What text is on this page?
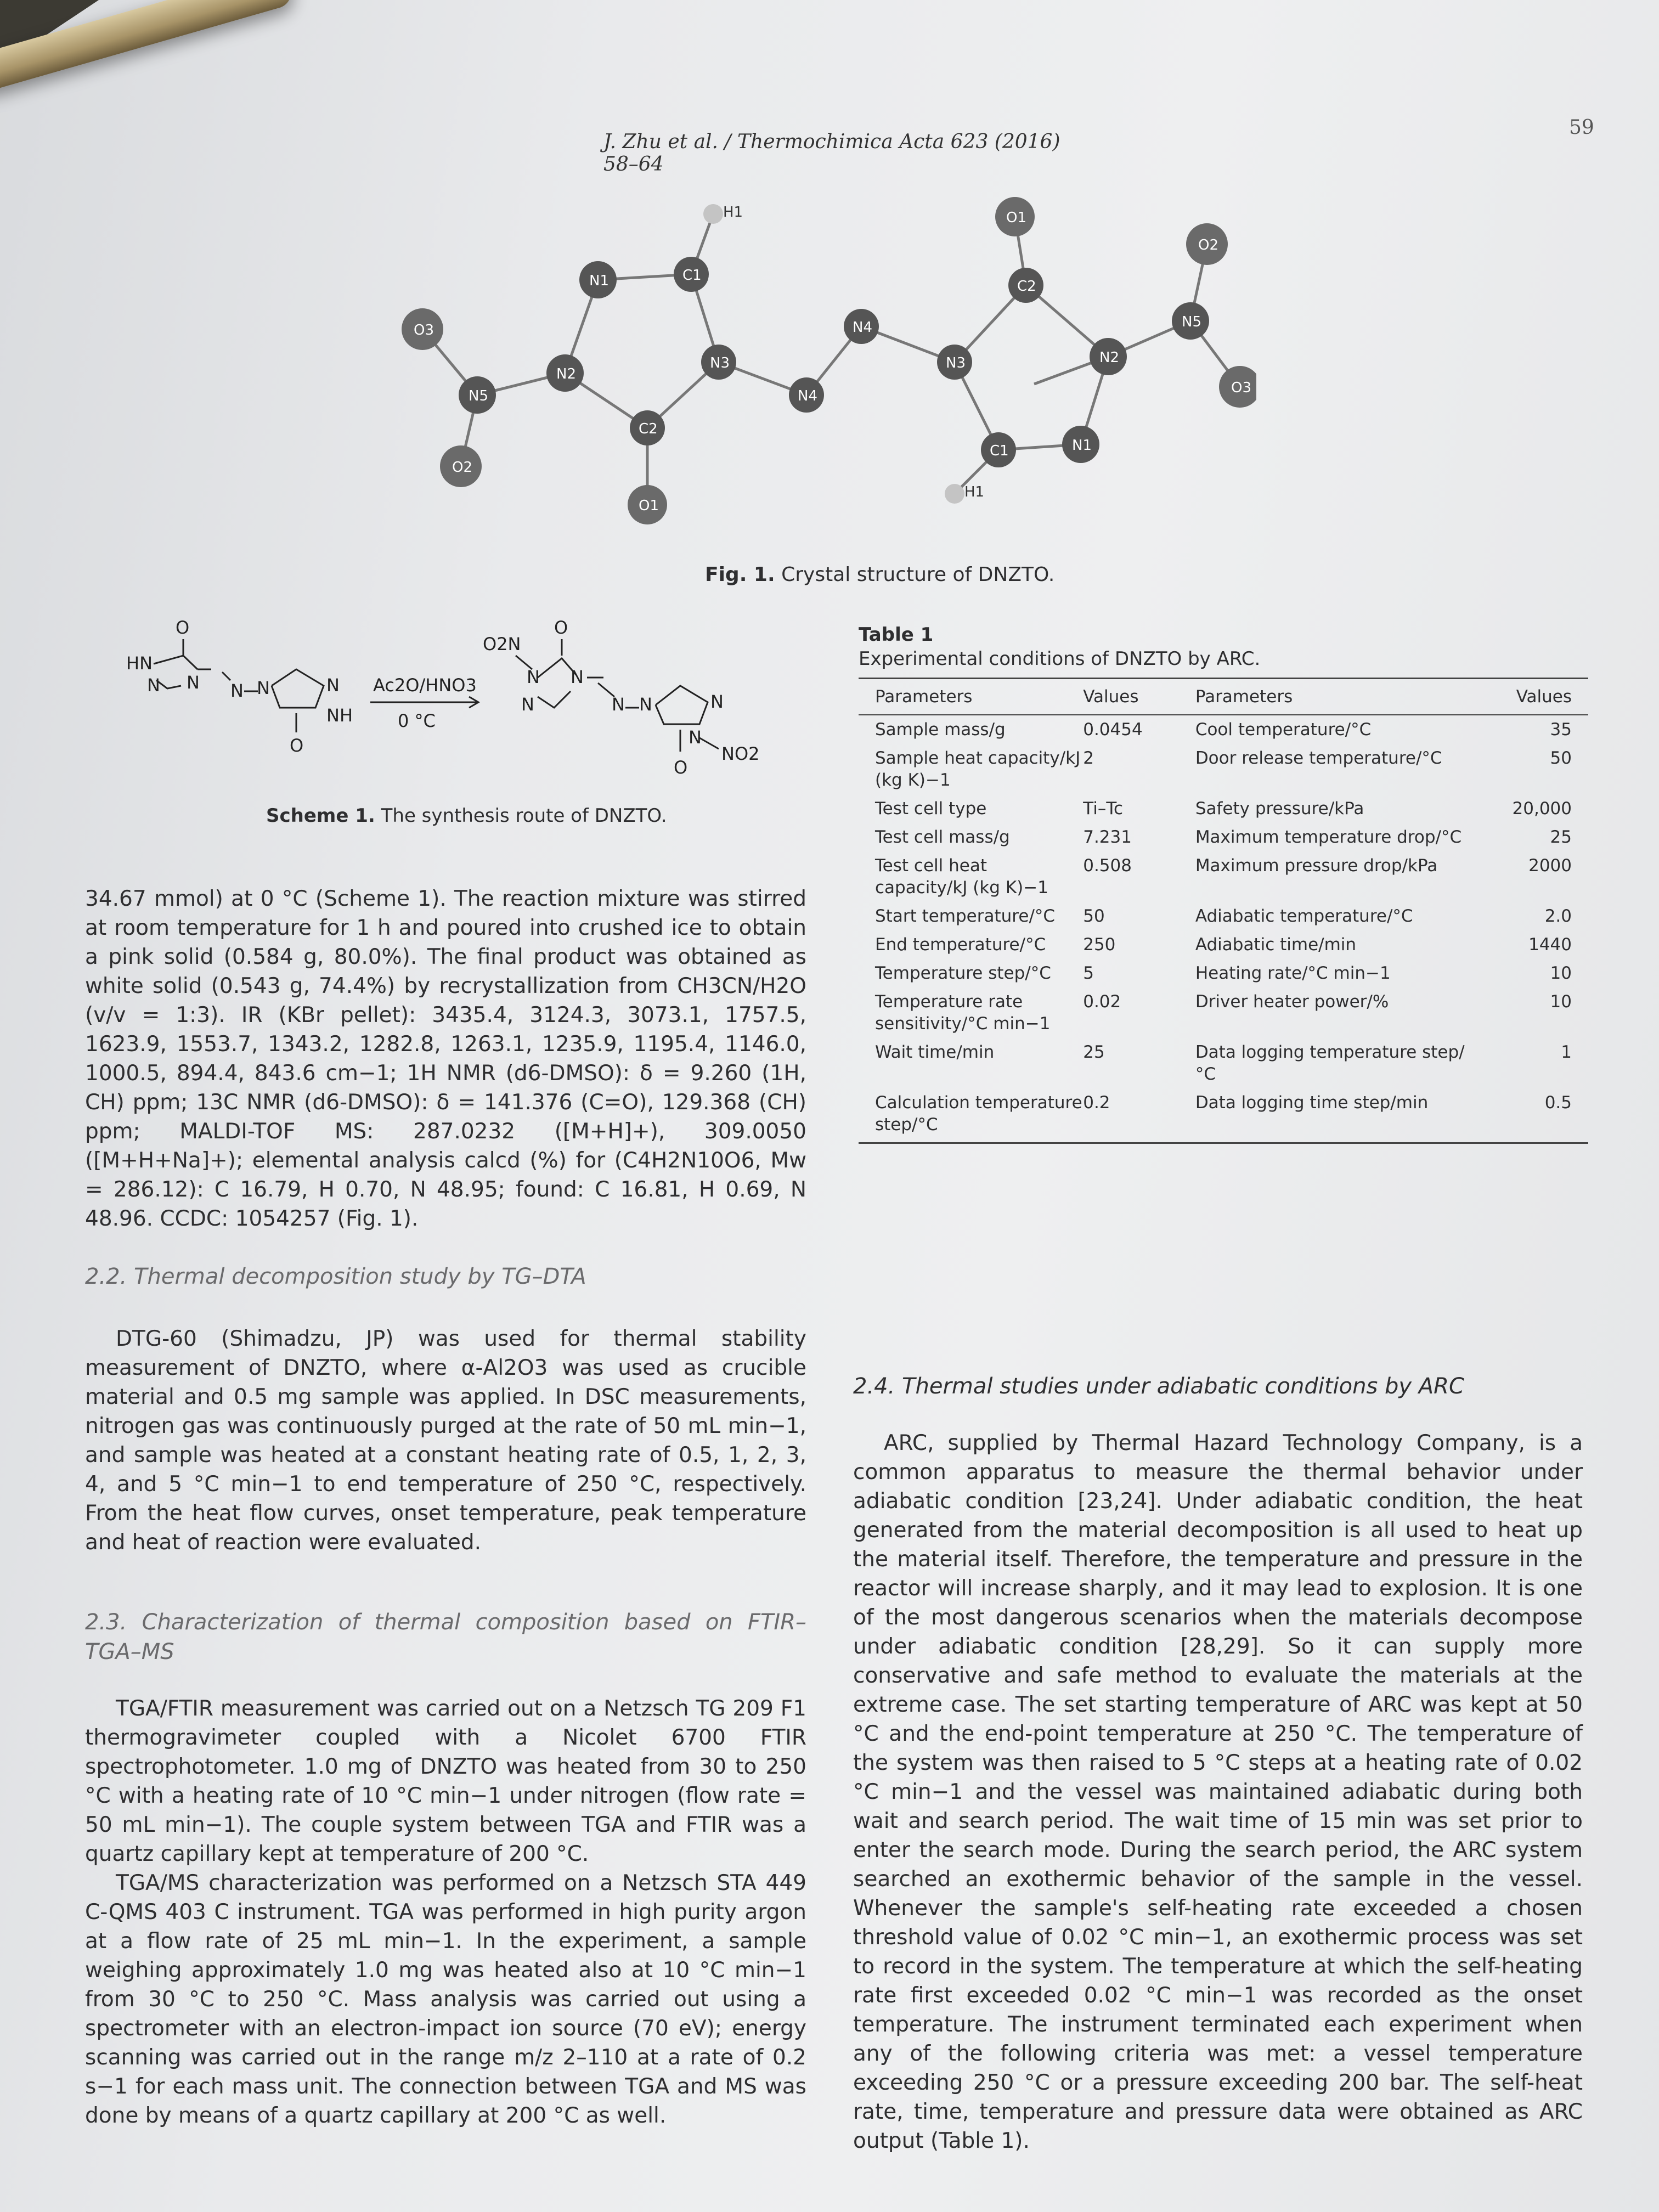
J. Zhu et al. / Thermochimica Acta 623 (2016) 58–64
59
O3
N5
O2
N1	C1
H1
N2
C2
O1
N3
N4
N4
N3
O1
C2
O2
N5
N2
O3
C1	N1
H1
Fig. 1. Crystal structure of DNZTO.
O
HN
N
N	N N	N
NH
O
Ac2O/HNO3
0 °C
O2N
O
N N
N	N N	N
N
NO2
O
Scheme 1. The synthesis route of DNZTO.

34.67 mmol) at 0 °C (Scheme 1). The reaction mixture was stirred at room temperature for 1 h and poured into crushed ice to obtain a pink solid (0.584 g, 80.0%). The final product was obtained as white solid (0.543 g, 74.4%) by recrystallization from CH3CN/H2O (v/v = 1:3). IR (KBr pellet): 3435.4, 3124.3, 3073.1, 1757.5, 1623.9, 1553.7, 1343.2, 1282.8, 1263.1, 1235.9, 1195.4, 1146.0, 1000.5, 894.4, 843.6 cm−1; 1H NMR (d6-DMSO): δ = 9.260 (1H, CH) ppm; 13C NMR (d6-DMSO): δ = 141.376 (C=O), 129.368 (CH) ppm; MALDI-TOF MS: 287.0232 ([M+H]+), 309.0050 ([M+H+Na]+); elemental analysis calcd (%) for (C4H2N10O6, Mw = 286.12): C 16.79, H 0.70, N 48.95; found: C 16.81, H 0.69, N 48.96. CCDC: 1054257 (Fig. 1).

2.2. Thermal decomposition study by TG–DTA

DTG-60 (Shimadzu, JP) was used for thermal stability measurement of DNZTO, where α-Al2O3 was used as crucible material and 0.5 mg sample was applied. In DSC measurements, nitrogen gas was continuously purged at the rate of 50 mL min−1, and sample was heated at a constant heating rate of 0.5, 1, 2, 3, 4, and 5 °C min−1 to end temperature of 250 °C, respectively. From the heat flow curves, onset temperature, peak temperature and heat of reaction were evaluated.

2.3. Characterization of thermal composition based on FTIR–TGA–MS

TGA/FTIR measurement was carried out on a Netzsch TG 209 F1 thermogravimeter coupled with a Nicolet 6700 FTIR spectrophotometer. 1.0 mg of DNZTO was heated from 30 to 250 °C with a heating rate of 10 °C min−1 under nitrogen (flow rate = 50 mL min−1). The couple system between TGA and FTIR was a quartz capillary kept at temperature of 200 °C.

TGA/MS characterization was performed on a Netzsch STA 449 C-QMS 403 C instrument. TGA was performed in high purity argon at a flow rate of 25 mL min−1. In the experiment, a sample weighing approximately 1.0 mg was heated also at 10 °C min−1 from 30 °C to 250 °C. Mass analysis was carried out using a spectrometer with an electron-impact ion source (70 eV); energy scanning was carried out in the range m/z 2–110 at a rate of 0.2 s−1 for each mass unit. The connection between TGA and MS was done by means of a quartz capillary at 200 °C as well.

Table 1

Experimental conditions of DNZTO by ARC.

Parameters	Values	Parameters	Values
Sample mass/g	0.0454	Cool temperature/°C	35
Sample heat capacity/kJ (kg K)−1	2	Door release temperature/°C	50
Test cell type	Ti–Tc	Safety pressure/kPa	20,000
Test cell mass/g	7.231	Maximum temperature drop/°C	25
Test cell heat capacity/kJ (kg K)−1	0.508	Maximum pressure drop/kPa	2000
Start temperature/°C	50	Adiabatic temperature/°C	2.0
End temperature/°C	250	Adiabatic time/min	1440
Temperature step/°C	5	Heating rate/°C min−1	10
Temperature rate sensitivity/°C min−1	0.02	Driver heater power/%	10
Wait time/min	25	Data logging temperature step/°C	1
Calculation temperature step/°C	0.2	Data logging time step/min	0.5

2.4. Thermal studies under adiabatic conditions by ARC

ARC, supplied by Thermal Hazard Technology Company, is a common apparatus to measure the thermal behavior under adiabatic condition [23,24]. Under adiabatic condition, the heat generated from the material decomposition is all used to heat up the material itself. Therefore, the temperature and pressure in the reactor will increase sharply, and it may lead to explosion. It is one of the most dangerous scenarios when the materials decompose under adiabatic condition [28,29]. So it can supply more conservative and safe method to evaluate the materials at the extreme case. The set starting temperature of ARC was kept at 50 °C and the end-point temperature at 250 °C. The temperature of the system was then raised to 5 °C steps at a heating rate of 0.02 °C min−1 and the vessel was maintained adiabatic during both wait and search period. The wait time of 15 min was set prior to enter the search mode. During the search period, the ARC system searched an exothermic behavior of the sample in the vessel. Whenever the sample's self-heating rate exceeded a chosen threshold value of 0.02 °C min−1, an exothermic process was set to record in the system. The temperature at which the self-heating rate first exceeded 0.02 °C min−1 was recorded as the onset temperature. The instrument terminated each experiment when any of the following criteria was met: a vessel temperature exceeding 250 °C or a pressure exceeding 200 bar. The self-heat rate, time, temperature and pressure data were obtained as ARC output (Table 1).
